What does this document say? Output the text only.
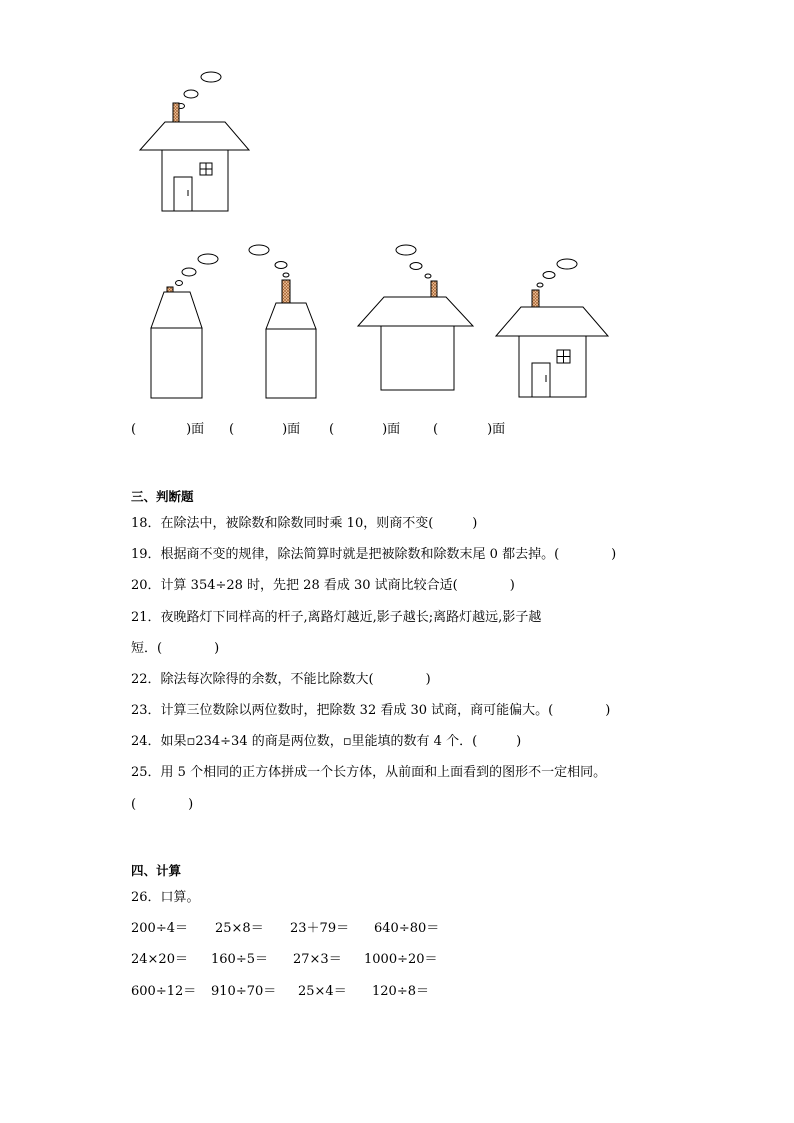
(	)面 (	)面 (	)面	(	)面
三、判断题
18．在除法中，被除数和除数同时乘 10，则商不变(　　　)
19．根据商不变的规律，除法简算时就是把被除数和除数末尾 0 都去掉。(　　　　)
20．计算 354÷28 时，先把 28 看成 30 试商比较合适(　　　　)
21．夜晚路灯下同样高的杆子,离路灯越近,影子越长;离路灯越远,影子越
短．(　　　　)
22．除法每次除得的余数，不能比除数大(　　　　)
23．计算三位数除以两位数时，把除数 32 看成 30 试商，商可能偏大。(　　　　)
24．如果▫234÷34 的商是两位数，▫里能填的数有 4 个．(　　　)
25．用 5 个相同的正方体拼成一个长方体，从前面和上面看到的图形不一定相同。
(　　　　)
四、计算
26．口算。
200÷4＝ 25×8＝ 23＋79＝ 640÷80＝
24×20＝ 160÷5＝ 27×3＝ 1000÷20＝
600÷12＝ 910÷70＝ 25×4＝ 120÷8＝
